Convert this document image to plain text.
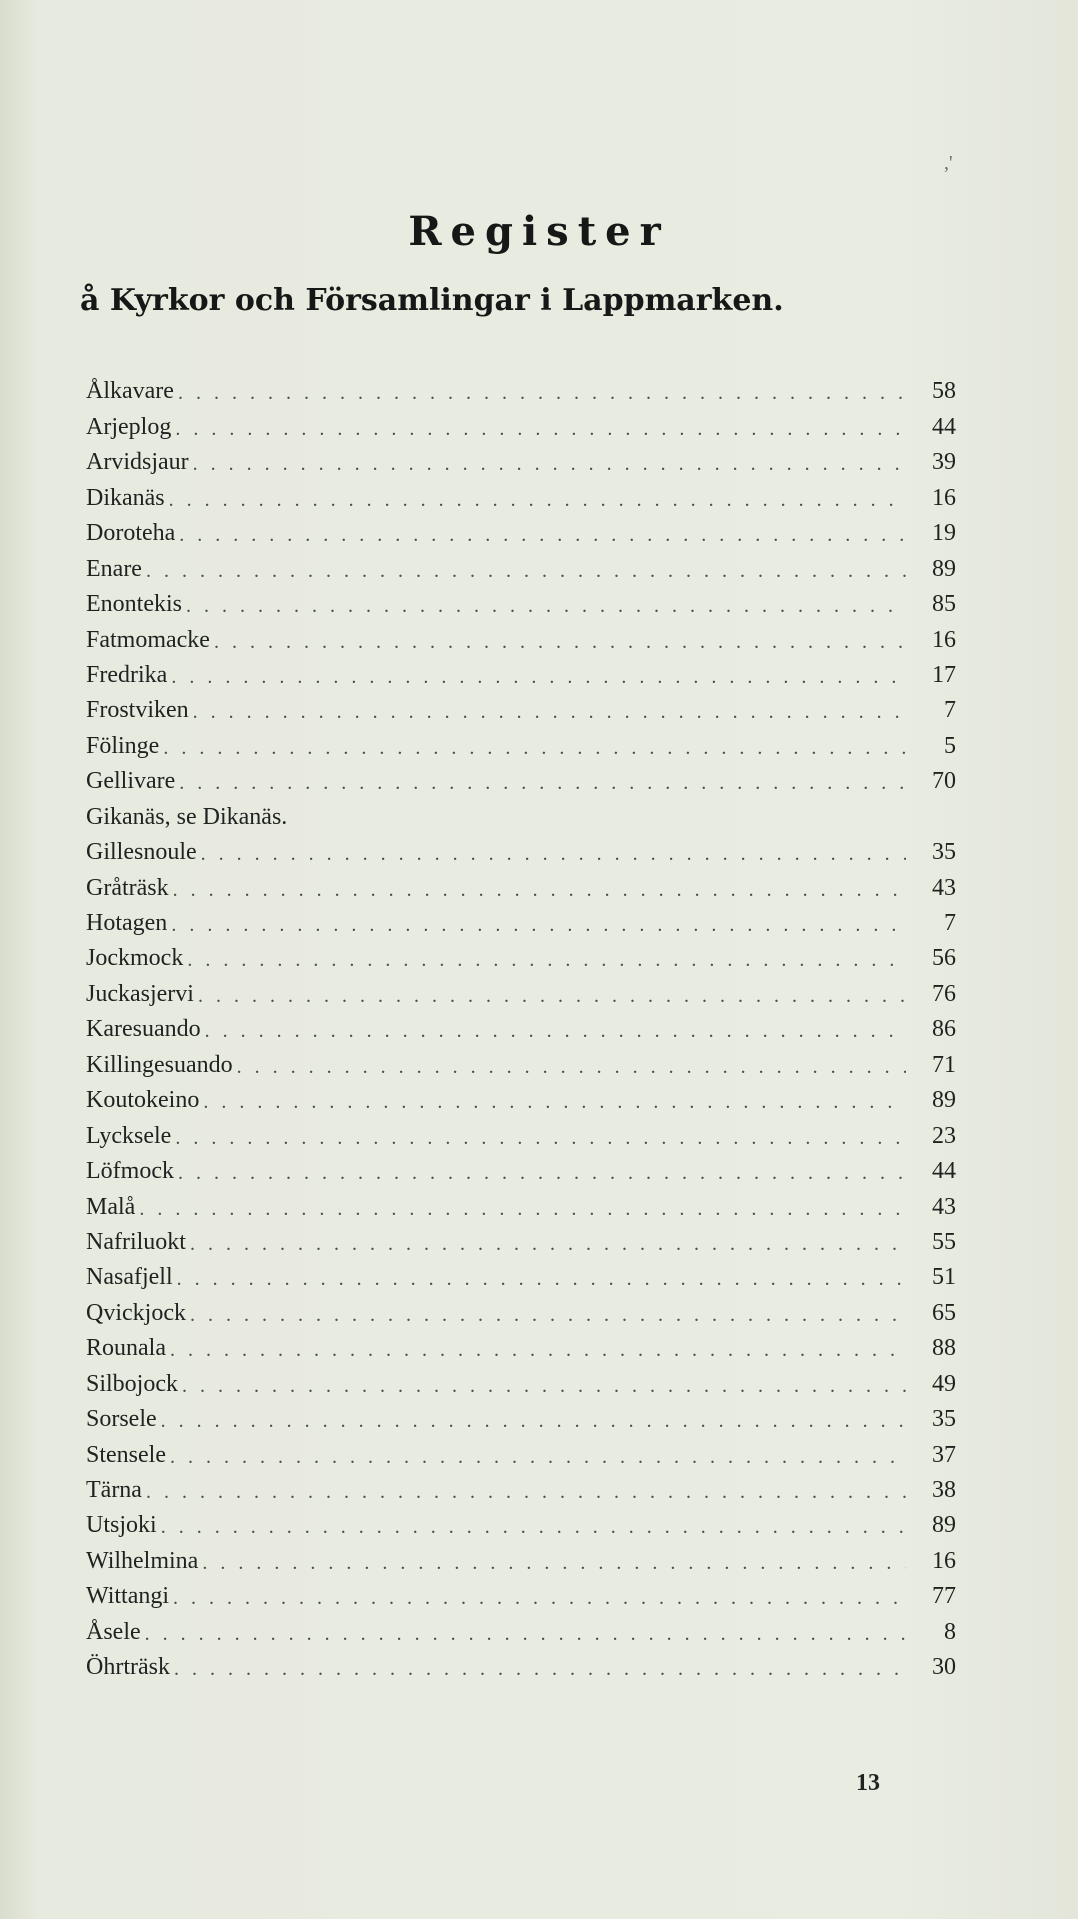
,'
Register
å Kyrkor och Församlingar i Lappmarken.
Ålkavare . . .	58
Arjeplog . . .	44
Arvidsjaur . . .	39
Dikanäs . . .	16
Doroteha . . .	19
Enare . . .	89
Enontekis . . .	85
Fatmomacke . . .	16
Fredrika . . .	17
Frostviken . . .	7
Fölinge . . .	5
Gellivare . . .	70
Gikanäs, se Dikanäs.
Gillesnoule . . .	35
Gråträsk . . .	43
Hotagen . . .	7
Jockmock . . .	56
Juckasjervi . . .	76
Karesuando . . .	86
Killingesuando . . .	71
Koutokeino . . .	89
Lycksele . . .	23
Löfmock . . .	44
Malå . . .	43
Nafriluokt . . .	55
Nasafjell . . .	51
Qvickjock . . .	65
Rounala . . .	88
Silbojock . . .	49
Sorsele . . .	35
Stensele . . .	37
Tärna . . .	38
Utsjoki . . .	89
Wilhelmina . . .	16
Wittangi . . .	77
Åsele . . .	8
Öhrträsk . . .	30
13
